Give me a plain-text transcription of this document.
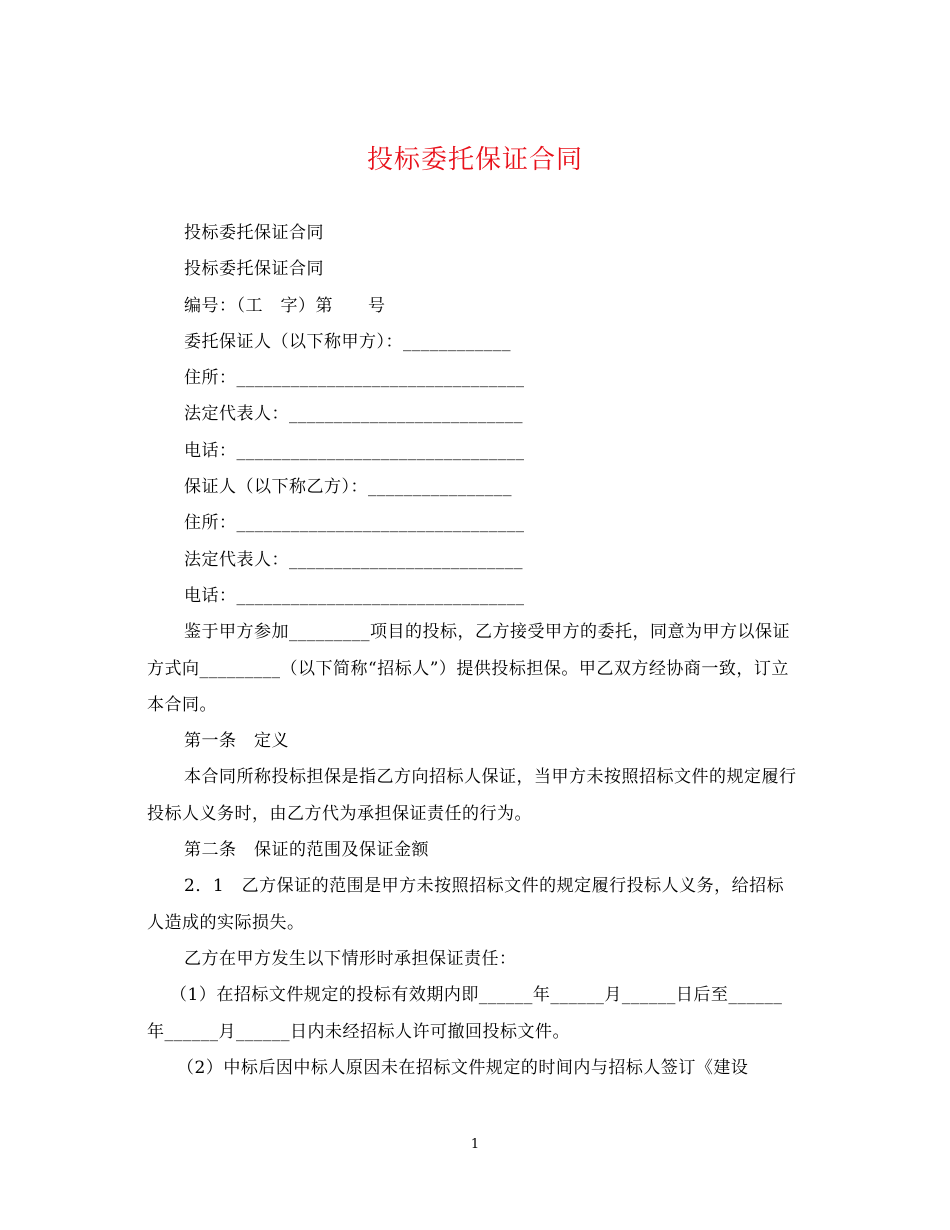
投标委托保证合同

投标委托保证合同

投标委托保证合同

编号：（工　字）第　　号

委托保证人（以下称甲方）：____________

住所：________________________________

法定代表人：__________________________

电话：________________________________

保证人（以下称乙方）：________________

住所：________________________________

法定代表人：__________________________

电话：________________________________

鉴于甲方参加_________项目的投标，乙方接受甲方的委托，同意为甲方以保证方式向_________（以下简称“招标人”）提供投标担保。甲乙双方经协商一致，订立本合同。

第一条　定义

本合同所称投标担保是指乙方向招标人保证，当甲方未按照招标文件的规定履行投标人义务时，由乙方代为承担保证责任的行为。

第二条　保证的范围及保证金额

2．1　乙方保证的范围是甲方未按照招标文件的规定履行投标人义务，给招标人造成的实际损失。

乙方在甲方发生以下情形时承担保证责任：

（1）在招标文件规定的投标有效期内即______年______月______日后至______年______月______日内未经招标人许可撤回投标文件。

（2）中标后因中标人原因未在招标文件规定的时间内与招标人签订《建设

1
